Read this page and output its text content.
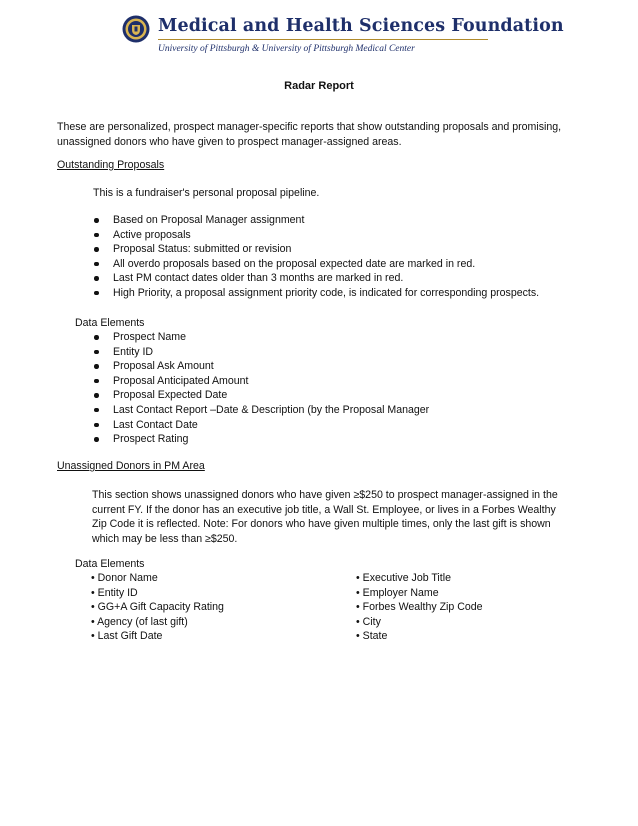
Medical and Health Sciences Foundation
University of Pittsburgh & University of Pittsburgh Medical Center
Radar Report
These are personalized, prospect manager-specific reports that show outstanding proposals and promising, unassigned donors who have given to prospect manager-assigned areas.
Outstanding Proposals
This is a fundraiser's personal proposal pipeline.
Based on Proposal Manager assignment
Active proposals
Proposal Status: submitted or revision
All overdo proposals based on the proposal expected date are marked in red.
Last PM contact dates older than 3 months are marked in red.
High Priority, a proposal assignment priority code, is indicated for corresponding prospects.
Data Elements
Prospect Name
Entity ID
Proposal Ask Amount
Proposal Anticipated Amount
Proposal Expected Date
Last Contact Report –Date & Description (by the Proposal Manager
Last Contact Date
Prospect Rating
Unassigned Donors in PM Area
This section shows unassigned donors who have given ≥$250 to prospect manager-assigned in the current FY. If the donor has an executive job title, a Wall St. Employee, or lives in a Forbes Wealthy Zip Code it is reflected. Note: For donors who have given multiple times, only the last gift is shown which may be less than ≥$250.
Data Elements
• Donor Name
• Entity ID
• GG+A Gift Capacity Rating
• Agency (of last gift)
• Last Gift Date
• Executive Job Title
• Employer Name
• Forbes Wealthy Zip Code
• City
• State
